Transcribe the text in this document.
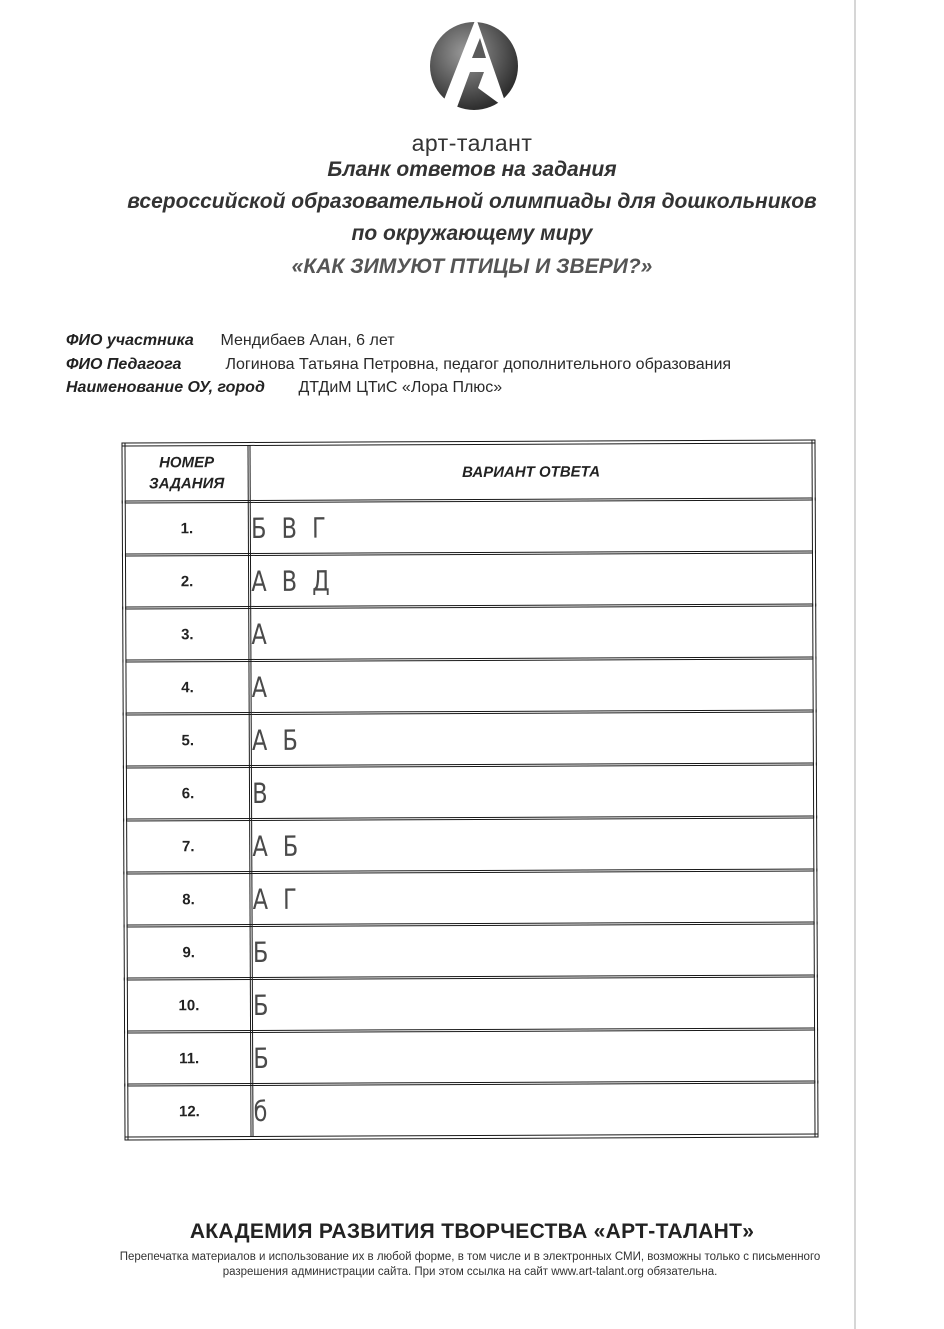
арт-талант
Бланк ответов на задания
всероссийской образовательной олимпиады для дошкольников
по окружающему миру
«КАК ЗИМУЮТ ПТИЦЫ И ЗВЕРИ?»
ФИО участника Мендибаев Алан, 6 лет
ФИО Педагога	Логинова Татьяна Петровна, педагог дополнительного образования
Наименование ОУ, город ДТДиМ ЦТиС «Лора Плюс»
НОМЕР
ЗАДАНИЯ	ВАРИАНТ ОТВЕТА
1.	Б В Г
2.	А В Д
3.	А
4.	А
5.	А Б
6.	В
7.	А Б
8.	А Г
9.	Б
10.	Б
11.	Б
12.	б
АКАДЕМИЯ РАЗВИТИЯ ТВОРЧЕСТВА «АРТ-ТАЛАНТ»
Перепечатка материалов и использование их в любой форме, в том числе и в электронных СМИ, возможны только с письменного разрешения администрации сайта. При этом ссылка на сайт www.art-talant.org обязательна.
